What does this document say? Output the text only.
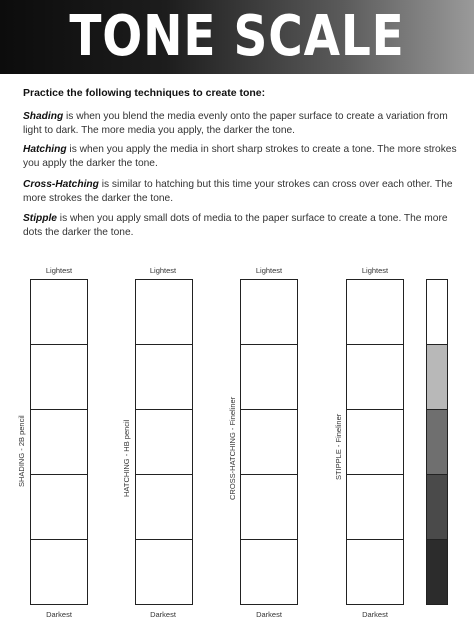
TONE SCALE
Practice the following techniques to create tone:
Shading is when you blend the media evenly onto the paper surface to create a variation from light to dark. The more media you apply, the darker the tone.
Hatching is when you apply the media in short sharp strokes to create a tone. The more strokes you apply the darker the tone.
Cross-Hatching is similar to hatching but this time your strokes can cross over each other. The more strokes the darker the tone.
Stipple is when you apply small dots of media to the paper surface to create a tone. The more dots the darker the tone.
Lightest
SHADING - 2B pencil
Darkest
Lightest
HATCHING - HB pencil
Darkest
Lightest
CROSS-HATCHING - Fineliner
Darkest
Lightest
STIPPLE - Fineliner
Darkest
